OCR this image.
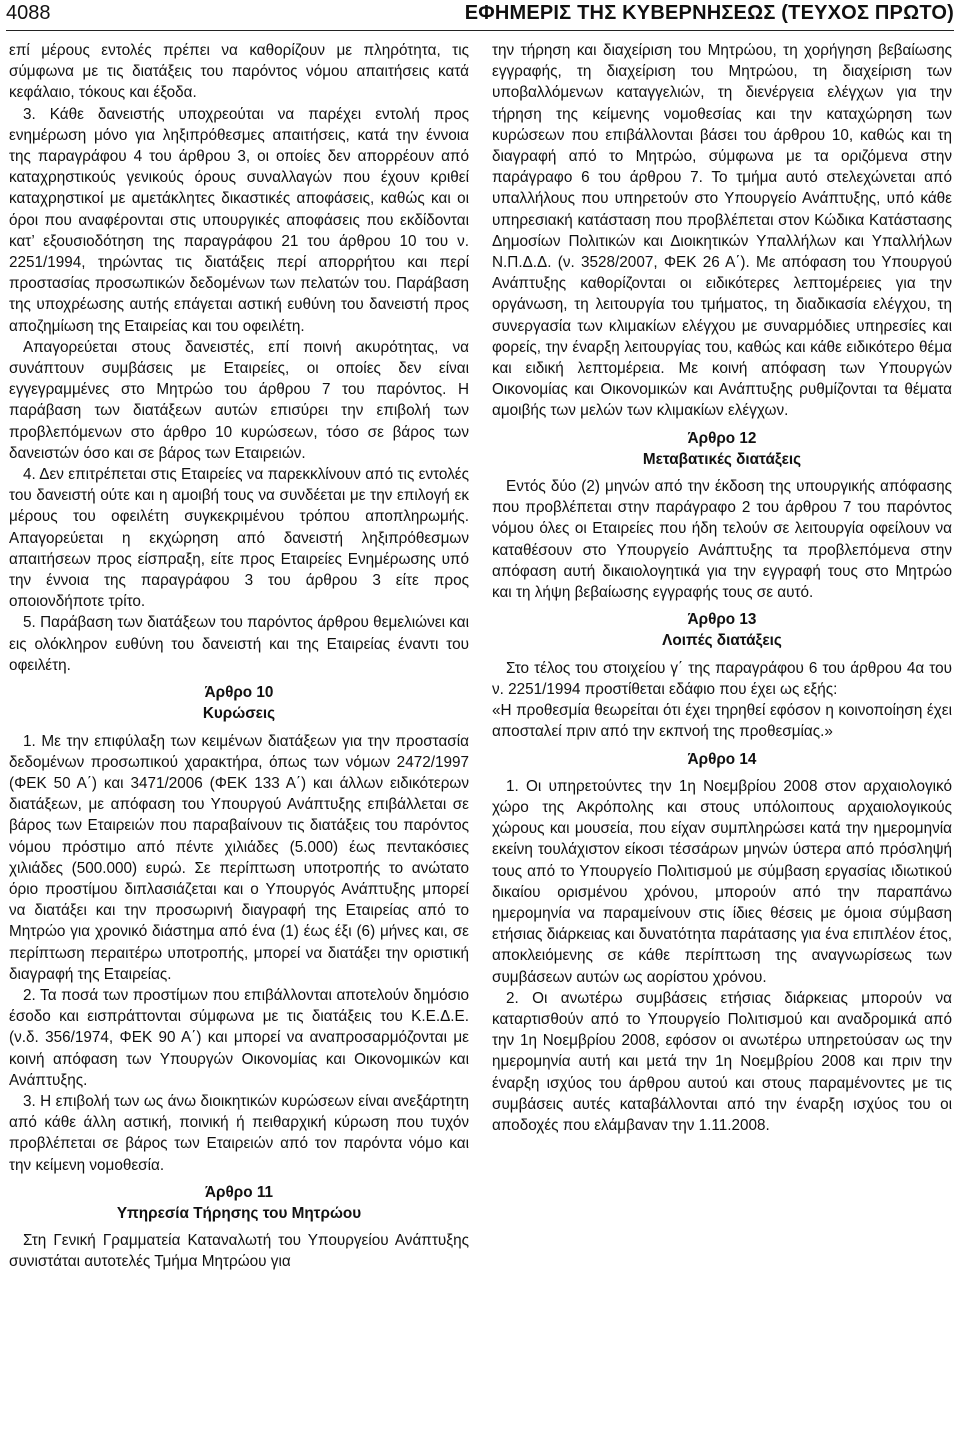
4088	ΕΦΗΜΕΡΙΣ ΤΗΣ ΚΥΒΕΡΝΗΣΕΩΣ (ΤΕΥΧΟΣ ΠΡΩΤΟ)

επί μέρους εντολές πρέπει να καθορίζουν με πληρότητα, τις σύμφωνα με τις διατάξεις του παρόντος νόμου απαιτήσεις κατά κεφάλαιο, τόκους και έξοδα.

3. Κάθε δανειστής υποχρεούται να παρέχει εντολή προς ενημέρωση μόνο για ληξιπρόθεσμες απαιτήσεις, κατά την έννοια της παραγράφου 4 του άρθρου 3, οι οποίες δεν απορρέουν από καταχρηστικούς γενικούς όρους συναλλαγών που έχουν κριθεί καταχρηστικοί με αμετάκλητες δικαστικές αποφάσεις, καθώς και οι όροι που αναφέρονται στις υπουργικές αποφάσεις που εκδίδονται κατ’ εξουσιοδότηση της παραγράφου 21 του άρθρου 10 του ν. 2251/1994, τηρώντας τις διατάξεις περί απορρήτου και περί προστασίας προσωπικών δεδομένων των πελατών του. Παράβαση της υποχρέωσης αυτής επάγεται αστική ευθύνη του δανειστή προς αποζημίωση της Εταιρείας και του οφειλέτη.

Απαγορεύεται στους δανειστές, επί ποινή ακυρότητας, να συνάπτουν συμβάσεις με Εταιρείες, οι οποίες δεν είναι εγγεγραμμένες στο Μητρώο του άρθρου 7 του παρόντος. Η παράβαση των διατάξεων αυτών επισύρει την επιβολή των προβλεπόμενων στο άρθρο 10 κυρώσεων, τόσο σε βάρος των δανειστών όσο και σε βάρος των Εταιρειών.

4. Δεν επιτρέπεται στις Εταιρείες να παρεκκλίνουν από τις εντολές του δανειστή ούτε και η αμοιβή τους να συνδέεται με την επιλογή εκ μέρους του οφειλέτη συγκεκριμένου τρόπου αποπληρωμής. Απαγορεύεται η εκχώρηση από δανειστή ληξιπρόθεσμων απαιτήσεων προς είσπραξη, είτε προς Εταιρείες Ενημέρωσης υπό την έννοια της παραγράφου 3 του άρθρου 3 είτε προς οποιονδήποτε τρίτο.

5. Παράβαση των διατάξεων του παρόντος άρθρου θεμελιώνει και εις ολόκληρον ευθύνη του δανειστή και της Εταιρείας έναντι του οφειλέτη.

Άρθρο 10
Κυρώσεις

1. Με την επιφύλαξη των κειμένων διατάξεων για την προστασία δεδομένων προσωπικού χαρακτήρα, όπως των νόμων 2472/1997 (ΦΕΚ 50 Α΄) και 3471/2006 (ΦΕΚ 133 Α΄) και άλλων ειδικότερων διατάξεων, με απόφαση του Υπουργού Ανάπτυξης επιβάλλεται σε βάρος των Εταιρειών που παραβαίνουν τις διατάξεις του παρόντος νόμου πρόστιμο από πέντε χιλιάδες (5.000) έως πεντακόσιες χιλιάδες (500.000) ευρώ. Σε περίπτωση υποτροπής το ανώτατο όριο προστίμου διπλασιάζεται και ο Υπουργός Ανάπτυξης μπορεί να διατάξει και την προσωρινή διαγραφή της Εταιρείας από το Μητρώο για χρονικό διάστημα από ένα (1) έως έξι (6) μήνες και, σε περίπτωση περαιτέρω υποτροπής, μπορεί να διατάξει την οριστική διαγραφή της Εταιρείας.

2. Τα ποσά των προστίμων που επιβάλλονται αποτελούν δημόσιο έσοδο και εισπράττονται σύμφωνα με τις διατάξεις του Κ.Ε.Δ.Ε. (ν.δ. 356/1974, ΦΕΚ 90 Α΄) και μπορεί να αναπροσαρμόζονται με κοινή απόφαση των Υπουργών Οικονομίας και Οικονομικών και Ανάπτυξης.

3. Η επιβολή των ως άνω διοικητικών κυρώσεων είναι ανεξάρτητη από κάθε άλλη αστική, ποινική ή πειθαρχική κύρωση που τυχόν προβλέπεται σε βάρος των Εταιρειών από τον παρόντα νόμο και την κείμενη νομοθεσία.

Άρθρο 11
Υπηρεσία Τήρησης του Μητρώου

Στη Γενική Γραμματεία Καταναλωτή του Υπουργείου Ανάπτυξης συνιστάται αυτοτελές Τμήμα Μητρώου για

την τήρηση και διαχείριση του Μητρώου, τη χορήγηση βεβαίωσης εγγραφής, τη διαχείριση του Μητρώου, τη διαχείριση των υποβαλλόμενων καταγγελιών, τη διενέργεια ελέγχων για την τήρηση της κείμενης νομοθεσίας και την καταχώρηση των κυρώσεων που επιβάλλονται βάσει του άρθρου 10, καθώς και τη διαγραφή από το Μητρώο, σύμφωνα με τα οριζόμενα στην παράγραφο 6 του άρθρου 7. Το τμήμα αυτό στελεχώνεται από υπαλλήλους που υπηρετούν στο Υπουργείο Ανάπτυξης, υπό κάθε υπηρεσιακή κατάσταση που προβλέπεται στον Κώδικα Κατάστασης Δημοσίων Πολιτικών και Διοικητικών Υπαλλήλων και Υπαλλήλων Ν.Π.Δ.Δ. (ν. 3528/2007, ΦΕΚ 26 Α΄). Με απόφαση του Υπουργού Ανάπτυξης καθορίζονται οι ειδικότερες λεπτομέρειες για την οργάνωση, τη λειτουργία του τμήματος, τη διαδικασία ελέγχου, τη συνεργασία των κλιμακίων ελέγχου με συναρμόδιες υπηρεσίες και φορείς, την έναρξη λειτουργίας του, καθώς και κάθε ειδικότερο θέμα και ειδική λεπτομέρεια. Με κοινή απόφαση των Υπουργών Οικονομίας και Οικονομικών και Ανάπτυξης ρυθμίζονται τα θέματα αμοιβής των μελών των κλιμακίων ελέγχων.

Άρθρο 12
Μεταβατικές διατάξεις

Εντός δύο (2) μηνών από την έκδοση της υπουργικής απόφασης που προβλέπεται στην παράγραφο 2 του άρθρου 7 του παρόντος νόμου όλες οι Εταιρείες που ήδη τελούν σε λειτουργία οφείλουν να καταθέσουν στο Υπουργείο Ανάπτυξης τα προβλεπόμενα στην απόφαση αυτή δικαιολογητικά για την εγγραφή τους στο Μητρώο και τη λήψη βεβαίωσης εγγραφής τους σε αυτό.

Άρθρο 13
Λοιπές διατάξεις

Στο τέλος του στοιχείου γ΄ της παραγράφου 6 του άρθρου 4α του ν. 2251/1994 προστίθεται εδάφιο που έχει ως εξής:

«Η προθεσμία θεωρείται ότι έχει τηρηθεί εφόσον η κοινοποίηση έχει αποσταλεί πριν από την εκπνοή της προθεσμίας.»

Άρθρο 14

1. Οι υπηρετούντες την 1η Νοεμβρίου 2008 στον αρχαιολογικό χώρο της Ακρόπολης και στους υπόλοιπους αρχαιολογικούς χώρους και μουσεία, που είχαν συμπληρώσει κατά την ημερομηνία εκείνη τουλάχιστον είκοσι τέσσάρων μηνών ύστερα από πρόσληψή τους από το Υπουργείο Πολιτισμού με σύμβαση εργασίας ιδιωτικού δικαίου ορισμένου χρόνου, μπορούν από την παραπάνω ημερομηνία να παραμείνουν στις ίδιες θέσεις με όμοια σύμβαση ετήσιας διάρκειας και δυνατότητα παράτασης για ένα επιπλέον έτος, αποκλειόμενης σε κάθε περίπτωση της αναγνωρίσεως των συμβάσεων αυτών ως αορίστου χρόνου.

2. Οι ανωτέρω συμβάσεις ετήσιας διάρκειας μπορούν να καταρτισθούν από το Υπουργείο Πολιτισμού και αναδρομικά από την 1η Νοεμβρίου 2008, εφόσον οι ανωτέρω υπηρετούσαν ως την ημερομηνία αυτή και μετά την 1η Νοεμβρίου 2008 και πριν την έναρξη ισχύος του άρθρου αυτού και στους παραμένοντες με τις συμβάσεις αυτές καταβάλλονται από την έναρξη ισχύος του οι αποδοχές που ελάμβαναν την 1.11.2008.
